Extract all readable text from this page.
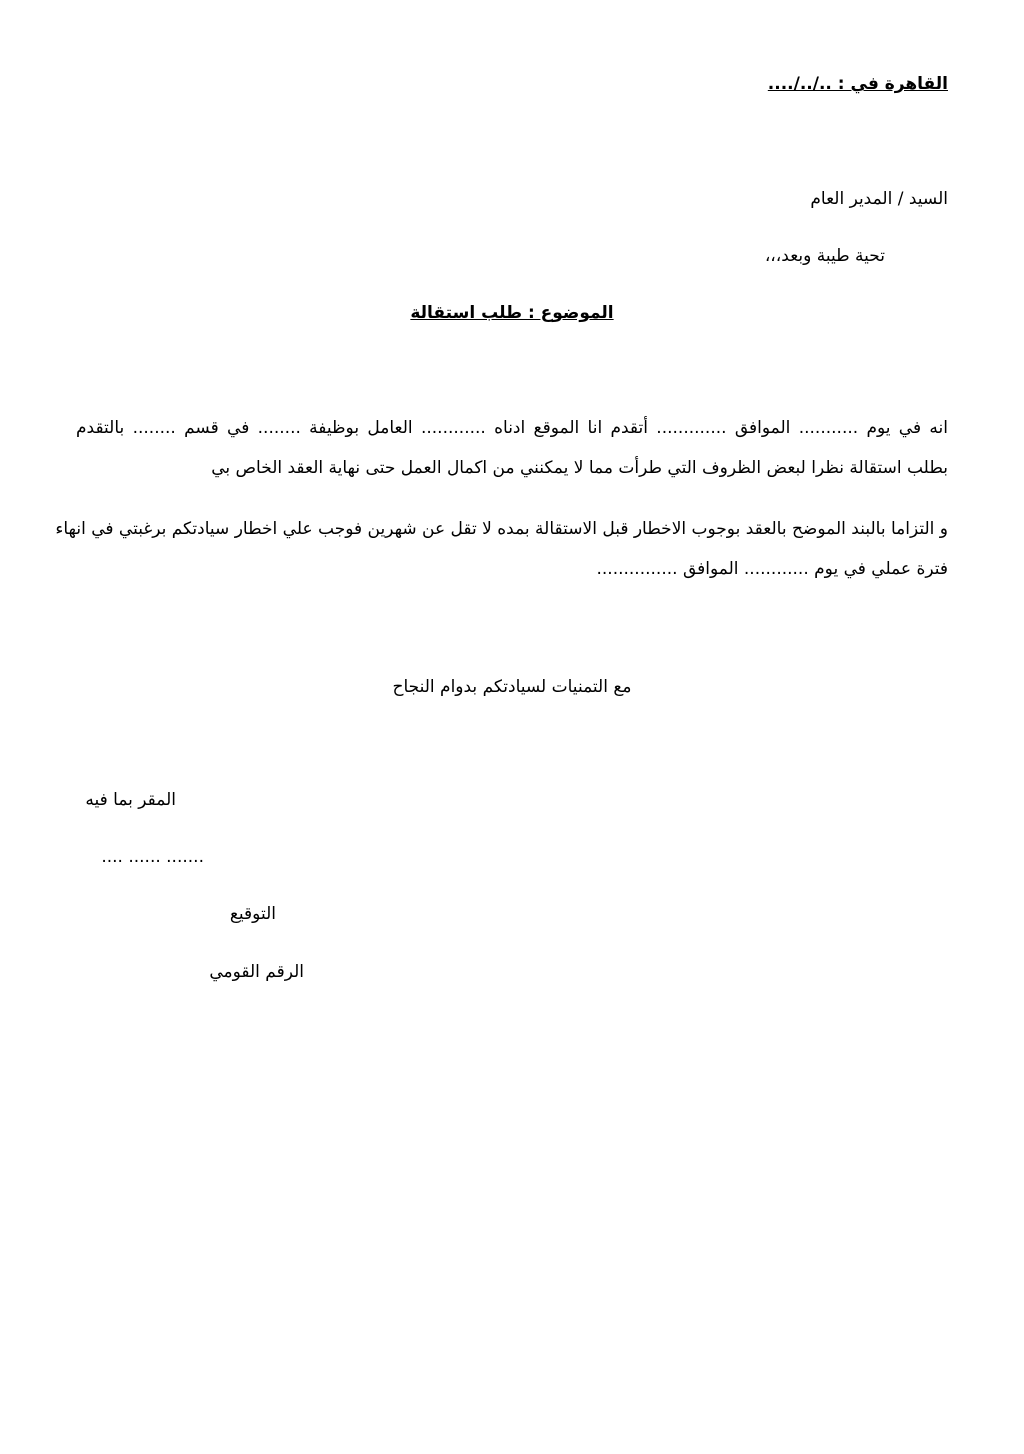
القاهرة في : ../../....
السيد / المدير العام
تحية طيبة وبعد،،،
الموضوع : طلب استقالة
انه في يوم ........... الموافق ............. أتقدم انا الموقع ادناه ............ العامل بوظيفة ........ في قسم ........ بالتقدم
بطلب استقالة نظرا لبعض الظروف التي طرأت مما لا يمكنني من اكمال العمل حتى نهاية العقد الخاص بي
و التزاما بالبند الموضح بالعقد بوجوب الاخطار قبل الاستقالة بمده لا تقل عن شهرين فوجب علي اخطار سيادتكم برغبتي في انهاء
فترة عملي في يوم ............ الموافق ...............
مع التمنيات لسيادتكم بدوام النجاح
المقر بما فيه
....... ...... ....
التوقيع
الرقم القومي
